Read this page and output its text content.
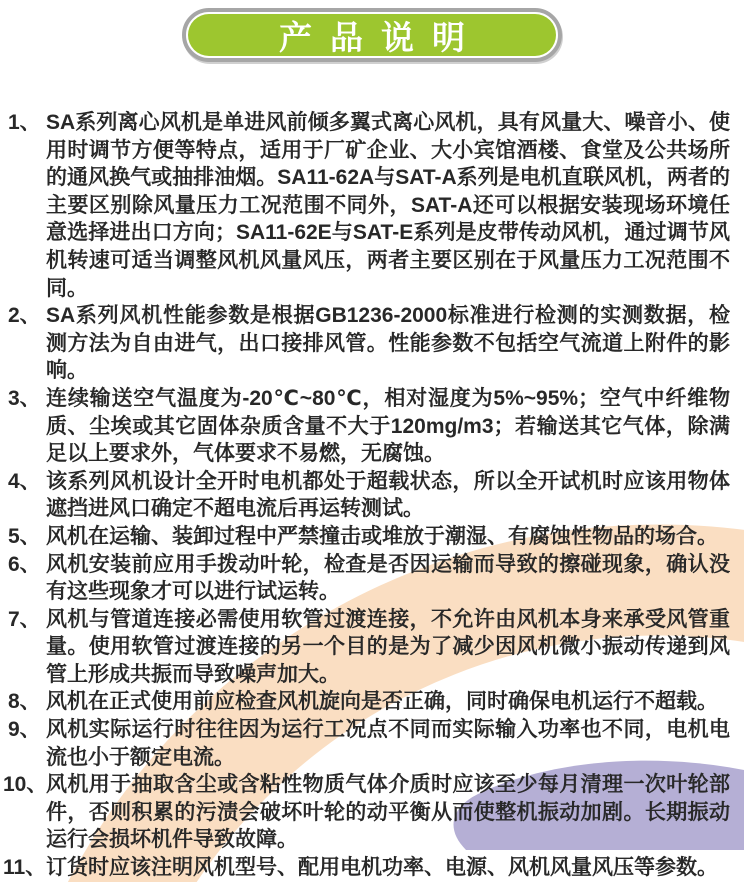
产品说明
1、 SA系列离心风机是单进风前倾多翼式离心风机，具有风量大、噪音小、使用时调节方便等特点，适用于厂矿企业、大小宾馆酒楼、食堂及公共场所的通风换气或抽排油烟。SA11-62A与SAT-A系列是电机直联风机，两者的主要区别除风量压力工况范围不同外，SAT-A还可以根据安装现场环境任意选择进出口方向；SA11-62E与SAT-E系列是皮带传动风机，通过调节风机转速可适当调整风机风量风压，两者主要区别在于风量压力工况范围不同。
2、 SA系列风机性能参数是根据GB1236-2000标准进行检测的实测数据，检测方法为自由进气，出口接排风管。性能参数不包括空气流道上附件的影响。
3、 连续输送空气温度为-20℃~80℃，相对湿度为5%~95%；空气中纤维物质、尘埃或其它固体杂质含量不大于120mg/m3；若输送其它气体，除满足以上要求外，气体要求不易燃，无腐蚀。
4、 该系列风机设计全开时电机都处于超载状态，所以全开试机时应该用物体遮挡进风口确定不超电流后再运转测试。
5、 风机在运输、装卸过程中严禁撞击或堆放于潮湿、有腐蚀性物品的场合。
6、 风机安装前应用手拨动叶轮，检查是否因运输而导致的擦碰现象，确认没有这些现象才可以进行试运转。
7、 风机与管道连接必需使用软管过渡连接，不允许由风机本身来承受风管重量。使用软管过渡连接的另一个目的是为了减少因风机微小振动传递到风管上形成共振而导致噪声加大。
8、 风机在正式使用前应检查风机旋向是否正确，同时确保电机运行不超载。
9、 风机实际运行时往往因为运行工况点不同而实际输入功率也不同，电机电流也小于额定电流。
10、
风机用于抽取含尘或含粘性物质气体介质时应该至少每月清理一次叶轮部件，否则积累的污渍会破坏叶轮的动平衡从而使整机振动加剧。长期振动运行会损坏机件导致故障。
11、 订货时应该注明风机型号、配用电机功率、电源、风机风量风压等参数。
